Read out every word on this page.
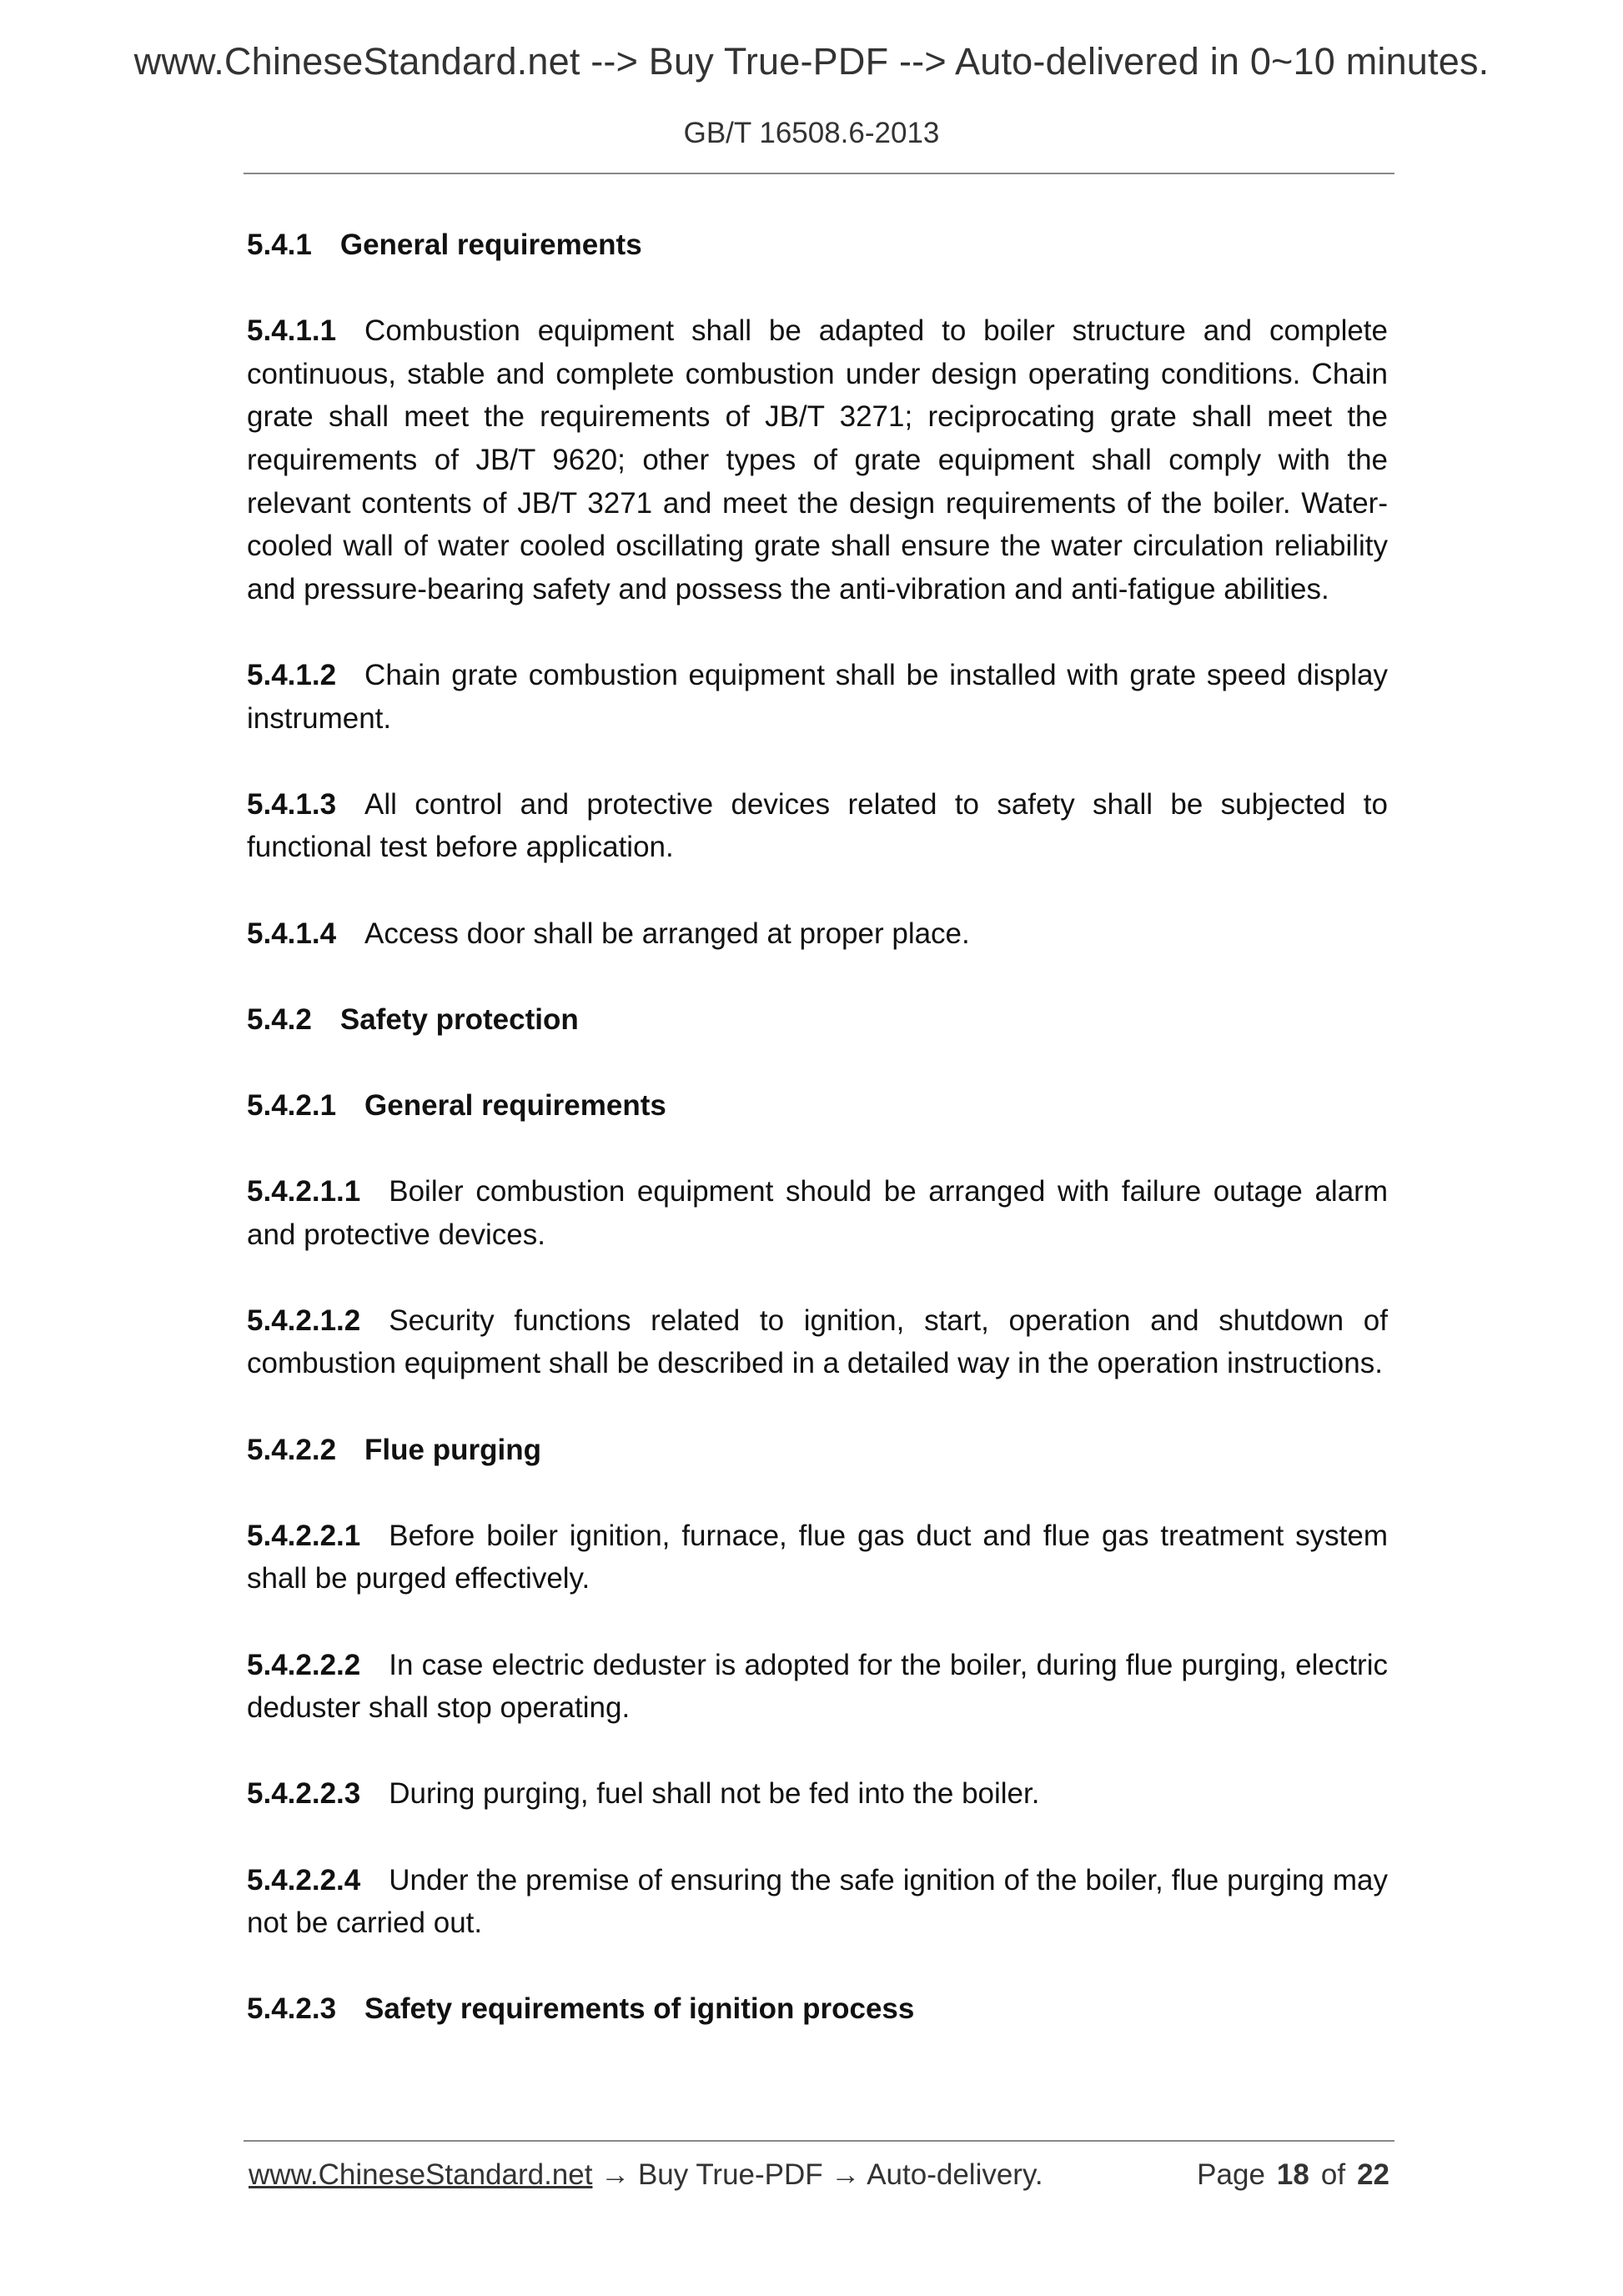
www.ChineseStandard.net --> Buy True-PDF --> Auto-delivered in 0~10 minutes.
GB/T 16508.6-2013

5.4.1 General requirements

5.4.1.1 Combustion equipment shall be adapted to boiler structure and complete continuous, stable and complete combustion under design operating conditions. Chain grate shall meet the requirements of JB/T 3271; reciprocating grate shall meet the requirements of JB/T 9620; other types of grate equipment shall comply with the relevant contents of JB/T 3271 and meet the design requirements of the boiler. Water-cooled wall of water cooled oscillating grate shall ensure the water circulation reliability and pressure-bearing safety and possess the anti-vibration and anti-fatigue abilities.

5.4.1.2 Chain grate combustion equipment shall be installed with grate speed display instrument.

5.4.1.3 All control and protective devices related to safety shall be subjected to functional test before application.

5.4.1.4 Access door shall be arranged at proper place.

5.4.2 Safety protection

5.4.2.1 General requirements

5.4.2.1.1 Boiler combustion equipment should be arranged with failure outage alarm and protective devices.

5.4.2.1.2 Security functions related to ignition, start, operation and shutdown of combustion equipment shall be described in a detailed way in the operation instructions.

5.4.2.2 Flue purging

5.4.2.2.1 Before boiler ignition, furnace, flue gas duct and flue gas treatment system shall be purged effectively.

5.4.2.2.2 In case electric deduster is adopted for the boiler, during flue purging, electric deduster shall stop operating.

5.4.2.2.3 During purging, fuel shall not be fed into the boiler.

5.4.2.2.4 Under the premise of ensuring the safe ignition of the boiler, flue purging may not be carried out.

5.4.2.3 Safety requirements of ignition process

www.ChineseStandard.net → Buy True-PDF → Auto-delivery.	Page 18 of 22
